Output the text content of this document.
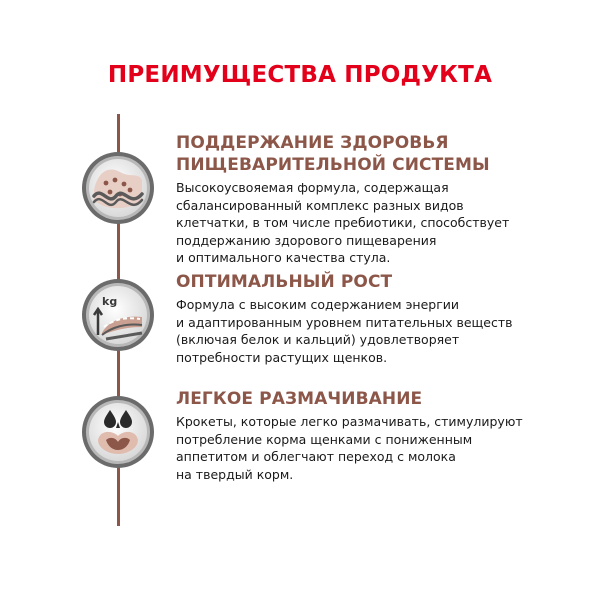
ПРЕИМУЩЕСТВА ПРОДУКТА
ПОДДЕРЖАНИЕ ЗДОРОВЬЯ
ПИЩЕВАРИТЕЛЬНОЙ СИСТЕМЫ
Высокоусвояемая формула, содержащая
сбалансированный комплекс разных видов
клетчатки, в том числе пребиотики, способствует
поддержанию здорового пищеварения
и оптимального качества стула.
kg
ОПТИМАЛЬНЫЙ РОСТ
Формула с высоким содержанием энергии
и адаптированным уровнем питательных веществ
(включая белок и кальций) удовлетворяет
потребности растущих щенков.
ЛЕГКОЕ РАЗМАЧИВАНИЕ
Крокеты, которые легко размачивать, стимулируют
потребление корма щенками с пониженным
аппетитом и облегчают переход с молока
на твердый корм.
